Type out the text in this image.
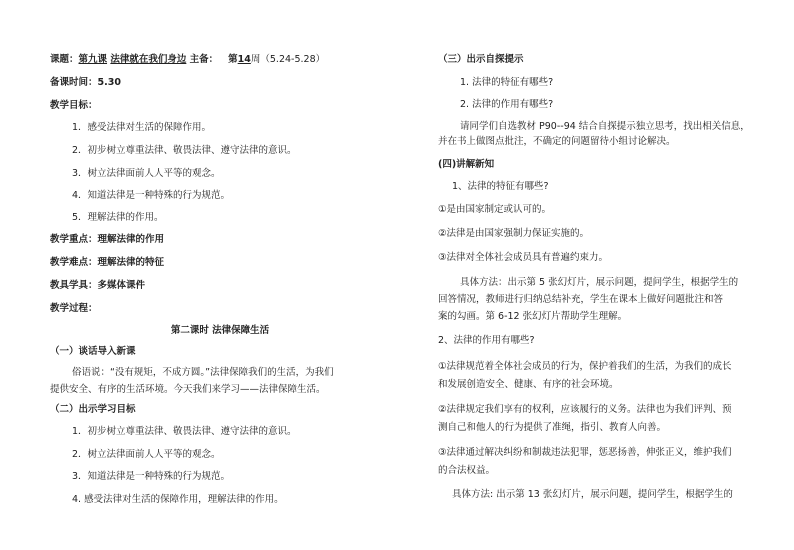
课题：第九课 法律就在我们身边 主备： 第14周（5.24-5.28）
备课时间：5.30
教学目标：
1．感受法律对生活的保障作用。
2．初步树立尊重法律、敬畏法律、遵守法律的意识。
3．树立法律面前人人平等的观念。
4．知道法律是一种特殊的行为规范。
5．理解法律的作用。
教学重点：理解法律的作用
教学难点：理解法律的特征
教具学具：多媒体课件
教学过程：
第二课时 法律保障生活
（一）谈话导入新课
俗语说：“没有规矩，不成方圆。”法律保障我们的生活，为我们
提供安全、有序的生活环境。今天我们来学习——法律保障生活。
（二）出示学习目标
1．初步树立尊重法律、敬畏法律、遵守法律的意识。
2．树立法律面前人人平等的观念。
3．知道法律是一种特殊的行为规范。
4. 感受法律对生活的保障作用，理解法律的作用。
（三）出示自探提示
1. 法律的特征有哪些?
2. 法律的作用有哪些?
请同学们自选教材 P90--94 结合自探提示独立思考，找出相关信息，
并在书上做图点批注，不确定的问题留待小组讨论解决。
(四)讲解新知
1、法律的特征有哪些?
①是由国家制定或认可的。
②法律是由国家强制力保证实施的。
③法律对全体社会成员具有普遍约束力。
具体方法：出示第 5 张幻灯片，展示问题，提问学生，根据学生的
回答情况，教师进行归纳总结补充，学生在课本上做好问题批注和答
案的勾画。第 6-12 张幻灯片帮助学生理解。
2、法律的作用有哪些?
①法律规范着全体社会成员的行为，保护着我们的生活，为我们的成长
和发展创造安全、健康、有序的社会环境。
②法律规定我们享有的权利，应该履行的义务。法律也为我们评判、预
测自己和他人的行为提供了准绳，指引、教育人向善。
③法律通过解决纠纷和制裁违法犯罪，惩恶扬善，伸张正义，维护我们
的合法权益。
具体方法: 出示第 13 张幻灯片，展示问题，提问学生，根据学生的
